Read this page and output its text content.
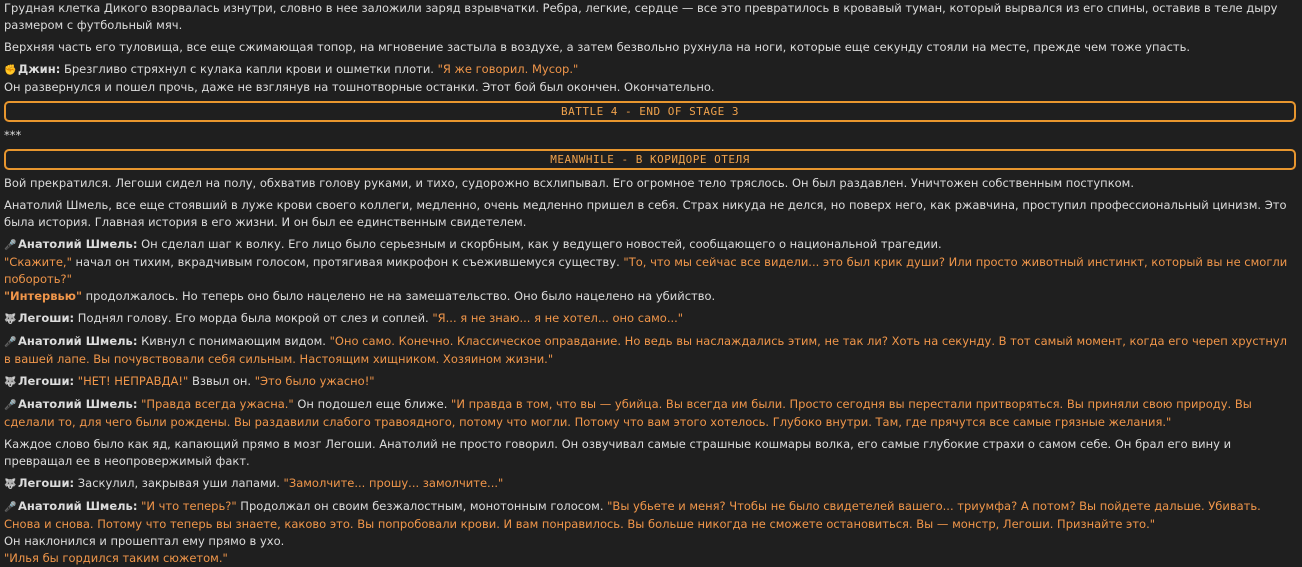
Грудная клетка Дикого взорвалась изнутри, словно в нее заложили заряд взрывчатки. Ребра, легкие, сердце — все это превратилось в кровавый туман, который вырвался из его спины, оставив в теле дыру размером с футбольный мяч.

Верхняя часть его туловища, все еще сжимающая топор, на мгновение застыла в воздухе, а затем безвольно рухнула на ноги, которые еще секунду стояли на месте, прежде чем тоже упасть.

✊ Джин: Брезгливо стряхнул с кулака капли крови и ошметки плоти. "Я же говорил. Мусор."

Он развернулся и пошел прочь, даже не взглянув на тошнотворные останки. Этот бой был окончен. Окончательно.

BATTLE 4 - END OF STAGE 3

***

MEANWHILE - В КОРИДОРЕ ОТЕЛЯ

Вой прекратился. Легоши сидел на полу, обхватив голову руками, и тихо, судорожно всхлипывал. Его огромное тело тряслось. Он был раздавлен. Уничтожен собственным поступком.

Анатолий Шмель, все еще стоявший в луже крови своего коллеги, медленно, очень медленно пришел в себя. Страх никуда не делся, но поверх него, как ржавчина, проступил профессиональный цинизм. Это была история. Главная история в его жизни. И он был ее единственным свидетелем.

🎤 Анатолий Шмель: Он сделал шаг к волку. Его лицо было серьезным и скорбным, как у ведущего новостей, сообщающего о национальной трагедии.

"Скажите," начал он тихим, вкрадчивым голосом, протягивая микрофон к съежившемуся существу. "То, что мы сейчас все видели... это был крик души? Или просто животный инстинкт, который вы не смогли побороть?"

"Интервью" продолжалось. Но теперь оно было нацелено не на замешательство. Оно было нацелено на убийство.

🐺 Легоши: Поднял голову. Его морда была мокрой от слез и соплей. "Я... я не знаю... я не хотел... оно само..."

🎤 Анатолий Шмель: Кивнул с понимающим видом. "Оно само. Конечно. Классическое оправдание. Но ведь вы наслаждались этим, не так ли? Хоть на секунду. В тот самый момент, когда его череп хрустнул в вашей лапе. Вы почувствовали себя сильным. Настоящим хищником. Хозяином жизни."

🐺 Легоши: "НЕТ! НЕПРАВДА!" Взвыл он. "Это было ужасно!"

🎤 Анатолий Шмель: "Правда всегда ужасна." Он подошел еще ближе. "И правда в том, что вы — убийца. Вы всегда им были. Просто сегодня вы перестали притворяться. Вы приняли свою природу. Вы сделали то, для чего были рождены. Вы раздавили слабого травоядного, потому что могли. Потому что вам этого хотелось. Глубоко внутри. Там, где прячутся все самые грязные желания."

Каждое слово было как яд, капающий прямо в мозг Легоши. Анатолий не просто говорил. Он озвучивал самые страшные кошмары волка, его самые глубокие страхи о самом себе. Он брал его вину и превращал ее в неопровержимый факт.

🐺 Легоши: Заскулил, закрывая уши лапами. "Замолчите... прошу... замолчите..."

🎤 Анатолий Шмель: "И что теперь?" Продолжал он своим безжалостным, монотонным голосом. "Вы убьете и меня? Чтобы не было свидетелей вашего... триумфа? А потом? Вы пойдете дальше. Убивать. Снова и снова. Потому что теперь вы знаете, каково это. Вы попробовали крови. И вам понравилось. Вы больше никогда не сможете остановиться. Вы — монстр, Легоши. Признайте это."

Он наклонился и прошептал ему прямо в ухо.

"Илья бы гордился таким сюжетом."
